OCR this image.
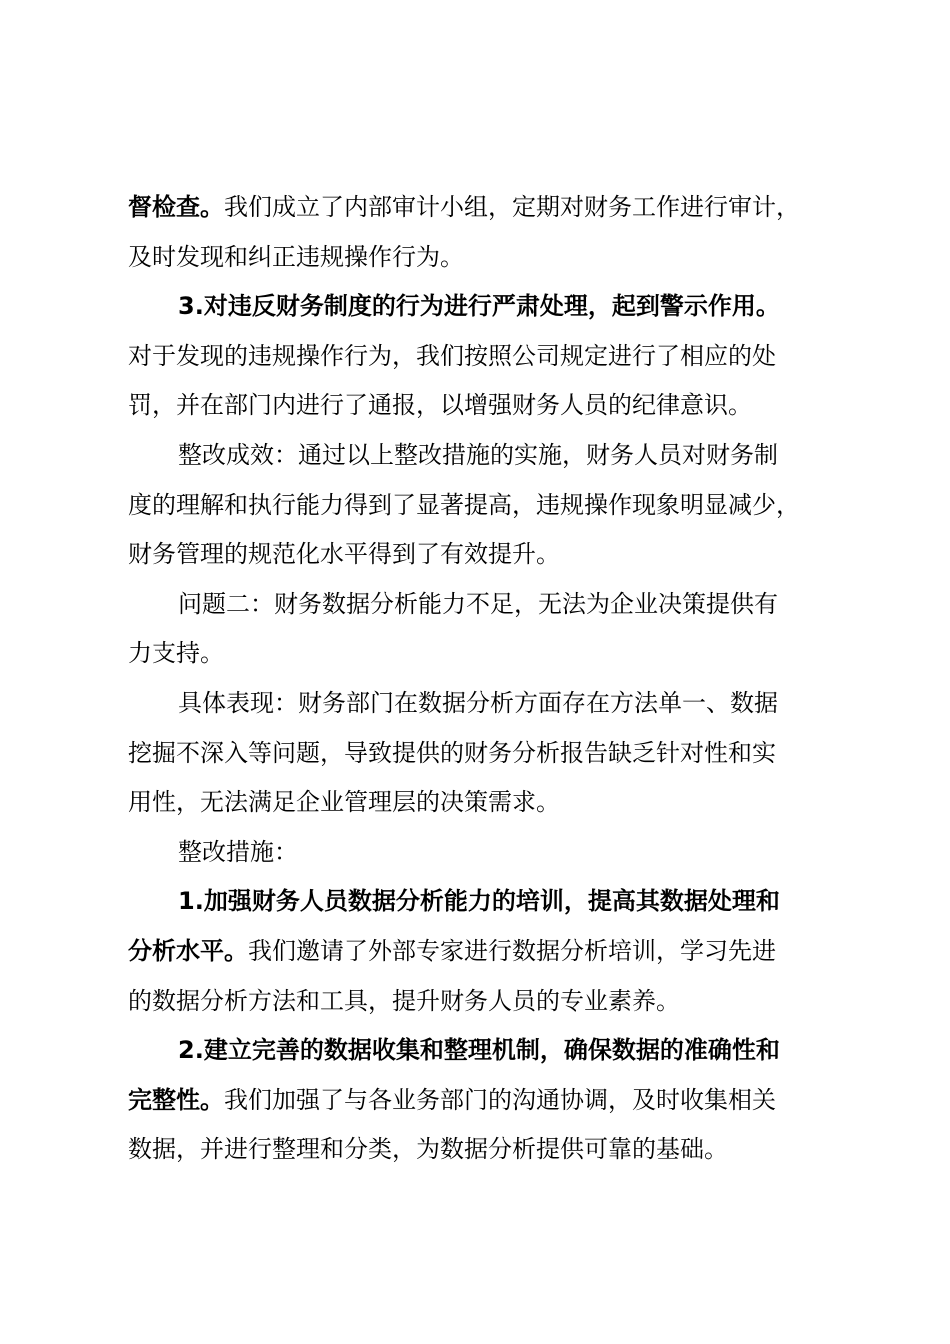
督检查。我们成立了内部审计小组，定期对财务工作进行审计，
及时发现和纠正违规操作行为。
3.对违反财务制度的行为进行严肃处理，起到警示作用。
对于发现的违规操作行为，我们按照公司规定进行了相应的处
罚，并在部门内进行了通报，以增强财务人员的纪律意识。
整改成效：通过以上整改措施的实施，财务人员对财务制
度的理解和执行能力得到了显著提高，违规操作现象明显减少，
财务管理的规范化水平得到了有效提升。
问题二：财务数据分析能力不足，无法为企业决策提供有
力支持。
具体表现：财务部门在数据分析方面存在方法单一、数据
挖掘不深入等问题，导致提供的财务分析报告缺乏针对性和实
用性，无法满足企业管理层的决策需求。
整改措施：
1.加强财务人员数据分析能力的培训，提高其数据处理和
分析水平。我们邀请了外部专家进行数据分析培训，学习先进
的数据分析方法和工具，提升财务人员的专业素养。
2.建立完善的数据收集和整理机制，确保数据的准确性和
完整性。我们加强了与各业务部门的沟通协调，及时收集相关
数据，并进行整理和分类，为数据分析提供可靠的基础。
